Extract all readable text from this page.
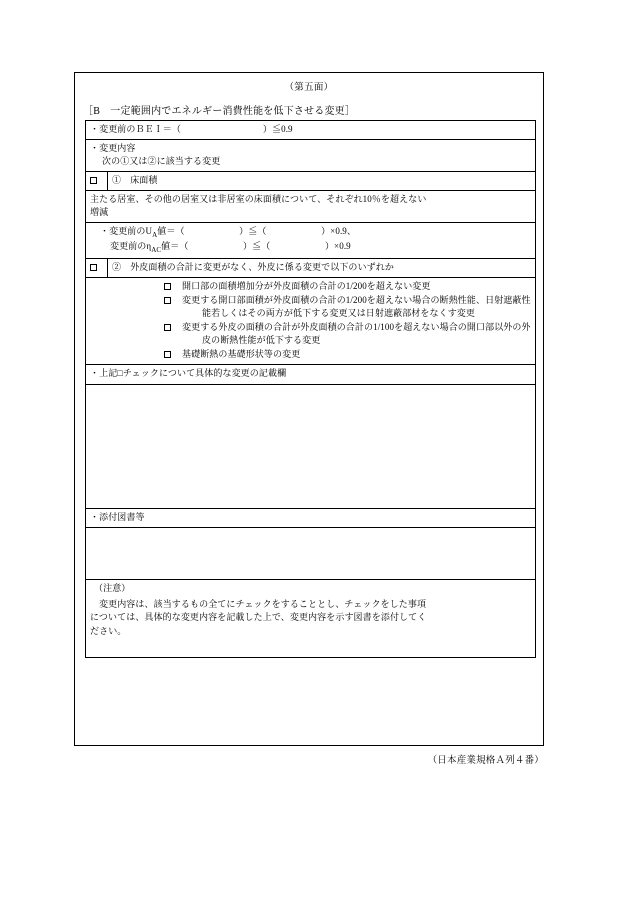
（第五面）
［B　一定範囲内でエネルギー消費性能を低下させる変更］
・変更前のＢＥＩ＝（　　　　　　　　　）≦0.9	

・変更内容
次の①又は②に該当する変更	

	①　床面積

主たる居室、その他の居室又は非居室の床面積について、それぞれ10％を超えない
増減	

・変更前の$U_A$値＝（　　　　　　）≦（　　　　　　）×0.9、
変更前の$\eta_{AC}$値＝（　　　　　　）≦（　　　　　　）×0.9	

	②　外皮面積の合計に変更がなく、外皮に係る変更で以下のいずれか

開口部の面積増加分が外皮面積の合計の1/200を超えない変更
変更する開口部面積が外皮面積の合計の1/200を超えない場合の断熱性能、日射遮蔽性能若しくはその両方が低下する変更又は日射遮蔽部材をなくす変更
変更する外皮の面積の合計が外皮面積の合計の1/100を超えない場合の開口部以外の外皮の断熱性能が低下する変更
基礎断熱の基礎形状等の変更	

・上記□チェックについて具体的な変更の記載欄	

・添付図書等	

（注意）
変更内容は、該当するもの全てにチェックをすることとし、チェックをした事項
については、具体的な変更内容を記載した上で、変更内容を示す図書を添付してく
ださい。	
（日本産業規格Ａ列４番）
